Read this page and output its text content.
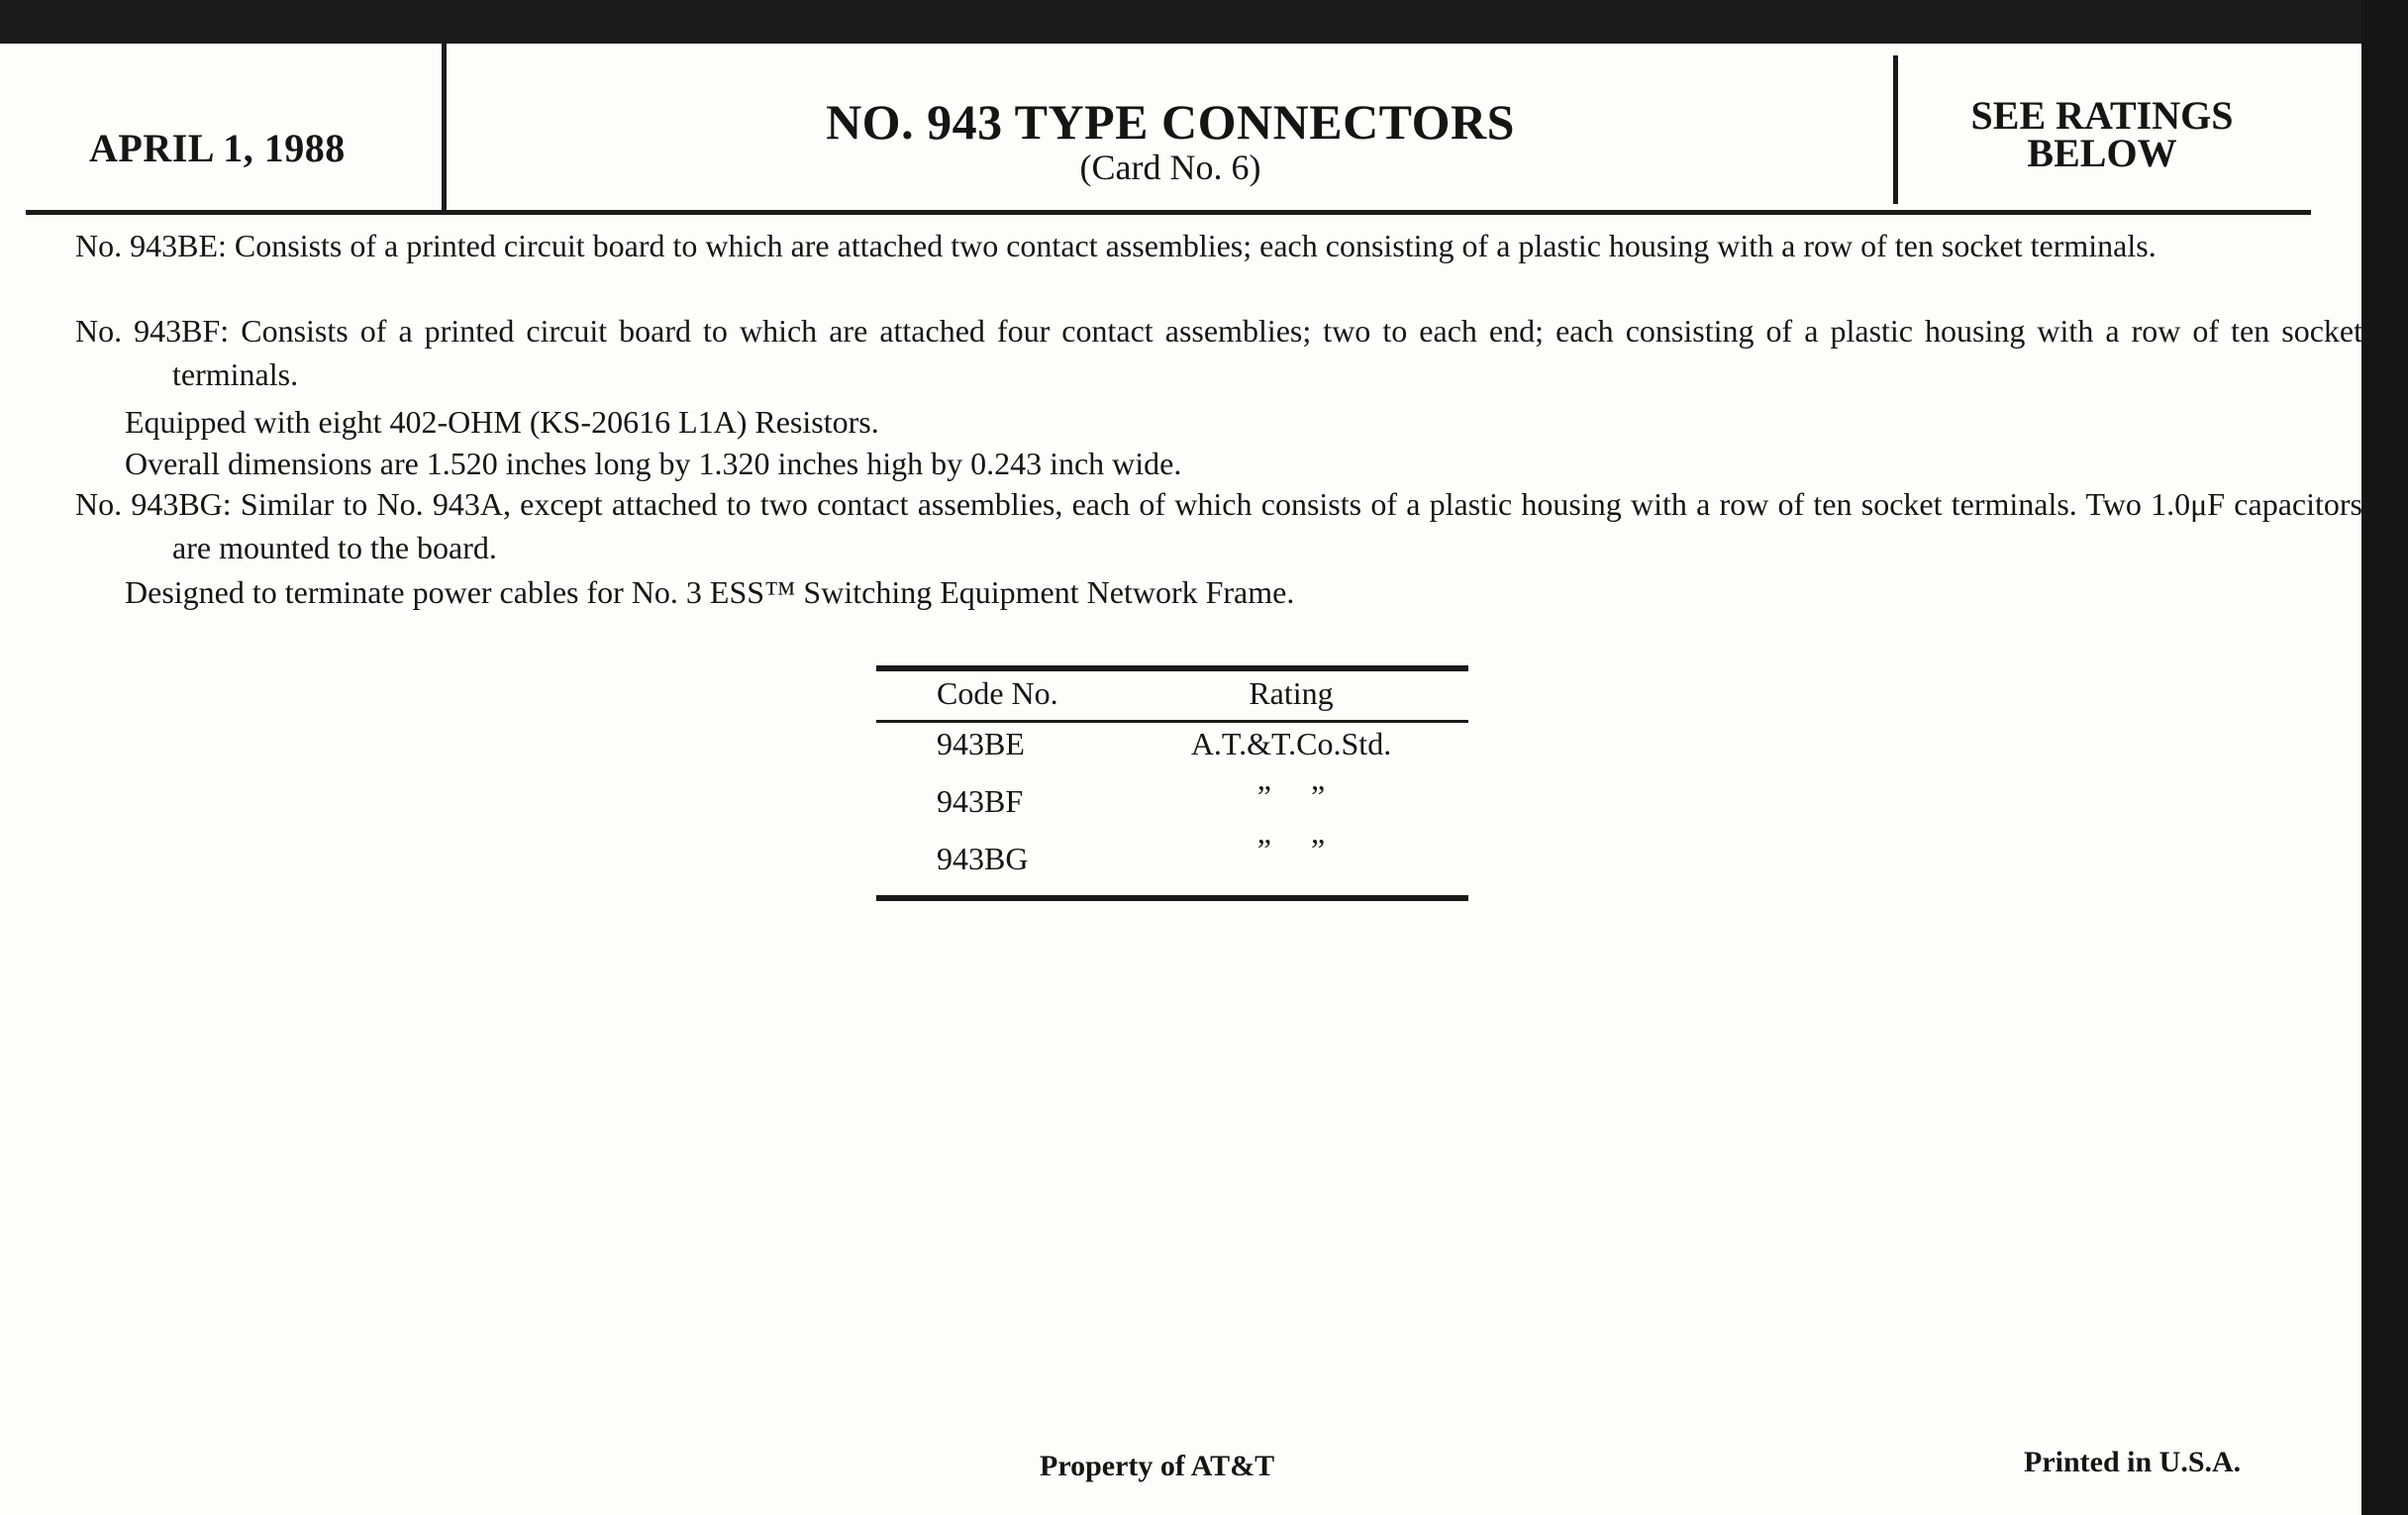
APRIL 1, 1988	NO. 943 TYPE CONNECTORS
(Card No. 6)
SEE RATINGS
BELOW
No. 943BE: Consists of a printed circuit board to which are attached two contact assemblies; each consisting of a plastic housing with a row of ten socket terminals.
No. 943BF: Consists of a printed circuit board to which are attached four contact assemblies; two to each end; each consisting of a plastic housing with a row of ten socket terminals.
Equipped with eight 402-OHM (KS-20616 L1A) Resistors.
Overall dimensions are 1.520 inches long by 1.320 inches high by 0.243 inch wide.
No. 943BG: Similar to No. 943A, except attached to two contact assemblies, each of which consists of a plastic housing with a row of ten socket terminals. Two 1.0μF capacitors are mounted to the board.
Designed to terminate power cables for No. 3 ESS™ Switching Equipment Network Frame.
Code No.	Rating
943BE	A.T.&T.Co.Std.
943BF	”     ”
943BG	”     ”
Property of AT&T	Printed in U.S.A.
